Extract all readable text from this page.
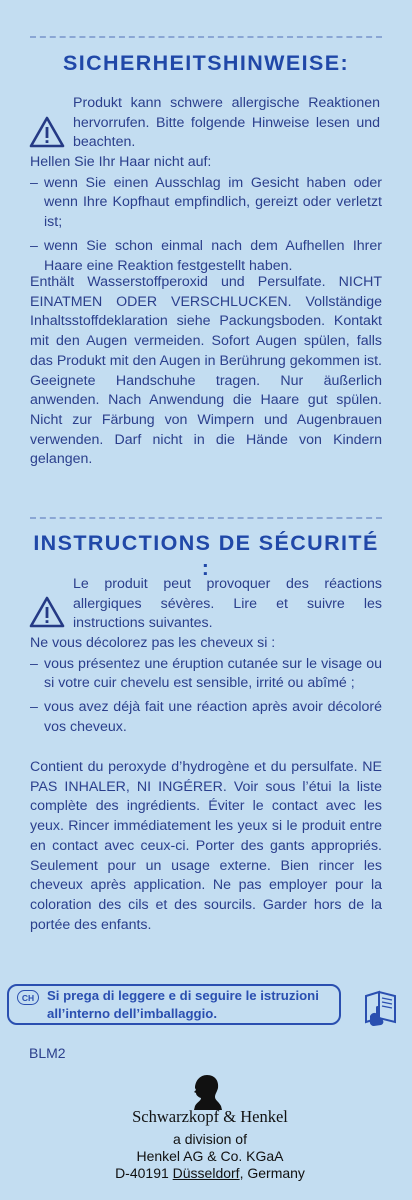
SICHERHEITSHINWEISE:

Produkt kann schwere allergische Reaktionen hervorrufen. Bitte folgende Hinweise lesen und beachten.

Hellen Sie Ihr Haar nicht auf:
– wenn Sie einen Ausschlag im Gesicht haben oder wenn Ihre Kopfhaut empfindlich, gereizt oder verletzt ist;
– wenn Sie schon einmal nach dem Aufhellen Ihrer Haare eine Reaktion festgestellt haben.

Enthält Wasserstoffperoxid und Persulfate. NICHT EINATMEN ODER VERSCHLUCKEN. Vollständige Inhaltsstoffdeklaration siehe Packungsboden. Kontakt mit den Augen vermeiden. Sofort Augen spülen, falls das Produkt mit den Augen in Berührung gekommen ist. Geeignete Handschuhe tragen. Nur äußerlich anwenden. Nach Anwendung die Haare gut spülen. Nicht zur Färbung von Wimpern und Augenbrauen verwenden. Darf nicht in die Hände von Kindern gelangen.

INSTRUCTIONS DE SÉCURITÉ :

Le produit peut provoquer des réactions allergiques sévères. Lire et suivre les instructions suivantes.

Ne vous décolorez pas les cheveux si :
– vous présentez une éruption cutanée sur le visage ou si votre cuir chevelu est sensible, irrité ou abîmé ;
– vous avez déjà fait une réaction après avoir décoloré vos cheveux.

Contient du peroxyde d’hydrogène et du persulfate. NE PAS INHALER, NI INGÉRER. Voir sous l’étui la liste complète des ingrédients. Éviter le contact avec les yeux. Rincer immédiatement les yeux si le produit entre en contact avec ceux-ci. Porter des gants appropriés. Seulement pour un usage externe. Bien rincer les cheveux après application. Ne pas employer pour la coloration des cils et des sourcils. Garder hors de la portée des enfants.

CH Si prega di leggere e di seguire le istruzioni all’interno dell’imballaggio.
BLM2
Schwarzkopf & Henkel
a division of
Henkel AG & Co. KGaA
D-40191 Düsseldorf, Germany
